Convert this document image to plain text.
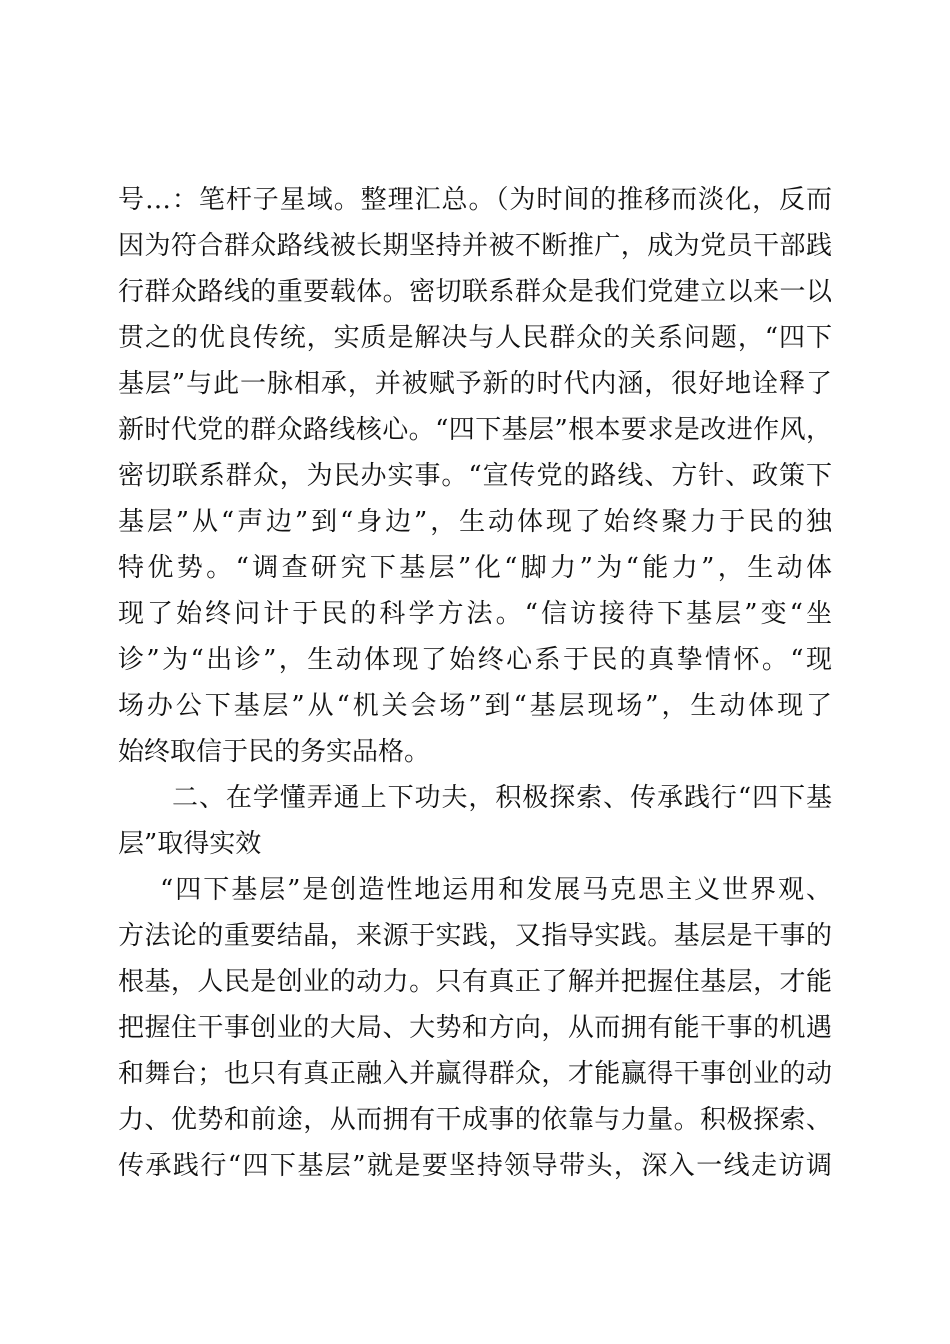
号…：笔杆子星域。整理汇总。（为时间的推移而淡化，反而
因为符合群众路线被长期坚持并被不断推广，成为党员干部践
行群众路线的重要载体。密切联系群众是我们党建立以来一以
贯之的优良传统，实质是解决与人民群众的关系问题，“四下
基层”与此一脉相承，并被赋予新的时代内涵，很好地诠释了
新时代党的群众路线核心。“四下基层”根本要求是改进作风，
密切联系群众，为民办实事。“宣传党的路线、方针、政策下
基层”从“声边”到“身边”，生动体现了始终聚力于民的独
特优势。“调查研究下基层”化“脚力”为“能力”，生动体
现了始终问计于民的科学方法。“信访接待下基层”变“坐
诊”为“出诊”，生动体现了始终心系于民的真挚情怀。“现
场办公下基层”从“机关会场”到“基层现场”，生动体现了
始终取信于民的务实品格。
二、在学懂弄通上下功夫，积极探索、传承践行“四下基
层”取得实效
“四下基层”是创造性地运用和发展马克思主义世界观、
方法论的重要结晶，来源于实践，又指导实践。基层是干事的
根基，人民是创业的动力。只有真正了解并把握住基层，才能
把握住干事创业的大局、大势和方向，从而拥有能干事的机遇
和舞台；也只有真正融入并赢得群众，才能赢得干事创业的动
力、优势和前途，从而拥有干成事的依靠与力量。积极探索、
传承践行“四下基层”就是要坚持领导带头，深入一线走访调
